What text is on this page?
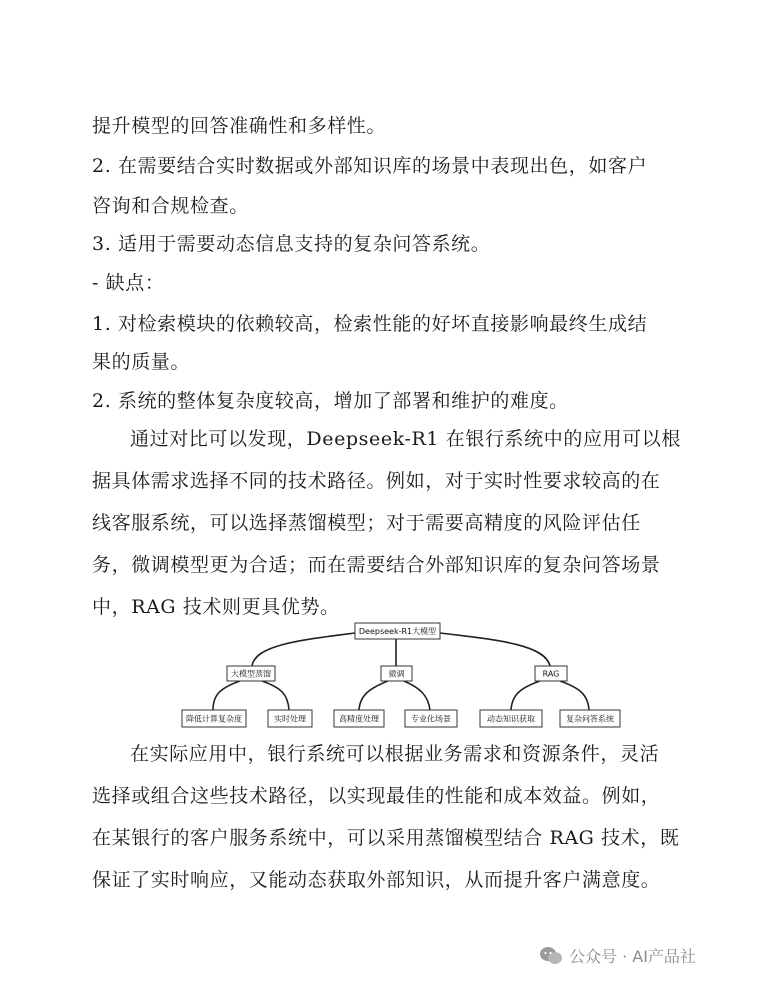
提升模型的回答准确性和多样性。
2. 在需要结合实时数据或外部知识库的场景中表现出色，如客户
咨询和合规检查。
3. 适用于需要动态信息支持的复杂问答系统。
- 缺点：
1. 对检索模块的依赖较高，检索性能的好坏直接影响最终生成结
果的质量。
2. 系统的整体复杂度较高，增加了部署和维护的难度。
通过对比可以发现，Deepseek-R1 在银行系统中的应用可以根
据具体需求选择不同的技术路径。例如，对于实时性要求较高的在
线客服系统，可以选择蒸馏模型；对于需要高精度的风险评估任
务，微调模型更为合适；而在需要结合外部知识库的复杂问答场景
中，RAG 技术则更具优势。
Deepseek-R1大模型
大模型蒸馏	微调	RAG
降低计算复杂度	实时处理	高精度处理	专业化场景	动态知识获取	复杂问答系统
在实际应用中，银行系统可以根据业务需求和资源条件，灵活
选择或组合这些技术路径，以实现最佳的性能和成本效益。例如，
在某银行的客户服务系统中，可以采用蒸馏模型结合 RAG 技术，既
保证了实时响应，又能动态获取外部知识，从而提升客户满意度。
公众号 · AI产品社
